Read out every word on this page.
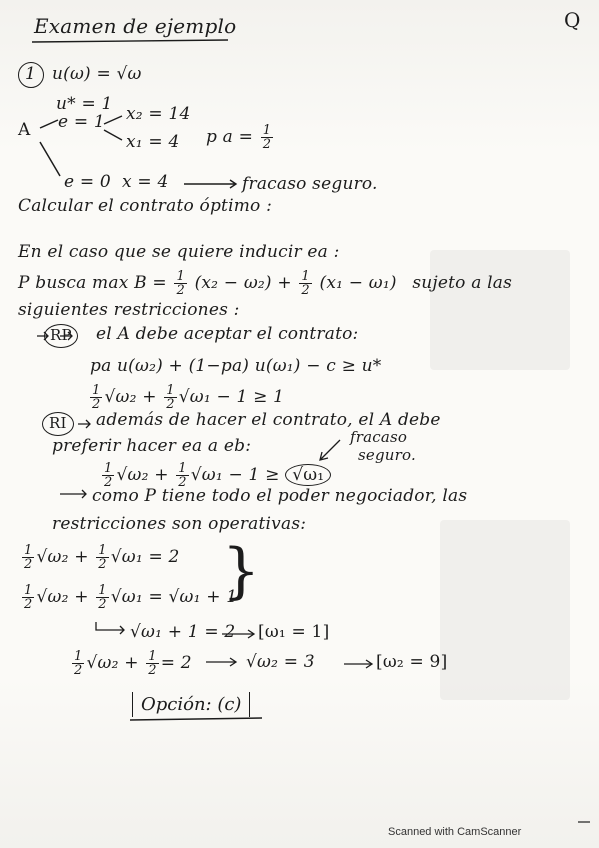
Examen de ejemplo	Q
1 u(ω) = √ω
u* = 1
A e = 1 x₂ = 14
x₁ = 4 p $a = \frac{1}{2}$
e = 0 x = 4	fracaso seguro.
Calcular el contrato óptimo :
En el caso que se quiere inducir ea :
P busca $\max B = \frac{1}{2} (x_2 - \omega_2) + \frac{1}{2} (x_1 - \omega_1)$ sujeto a las
siguientes restricciones :
RP el A debe aceptar el contrato:
pa u(ω₂) + (1−pa) u(ω₁) − c ≥ u*
$\frac{1}{2} √\omega_2 + \frac{1}{2} √\omega_1 - 1 \ge 1$
RI además de hacer el contrato, el A debe
preferir hacer ea a eb:	fracaso
seguro.
$\frac{1}{2} √\omega_2 + \frac{1}{2} √\omega_1 - 1 \ge √\omega_1$
como P tiene todo el poder negociador, las
restricciones son operativas:
$\frac{1}{2} √\omega_2 + \frac{1}{2} √\omega_1 = 2$
$\frac{1}{2} √\omega_2 + \frac{1}{2} √\omega_1 = √\omega_1 + 1$
}
√ω₁ + 1 = 2 [ω₁ = 1]
$\frac{1}{2} √\omega_2 + \frac{1}{2} = 2$	√ω₂ = 3	[ω₂ = 9]
Opción: (c)
Scanned with CamScanner
